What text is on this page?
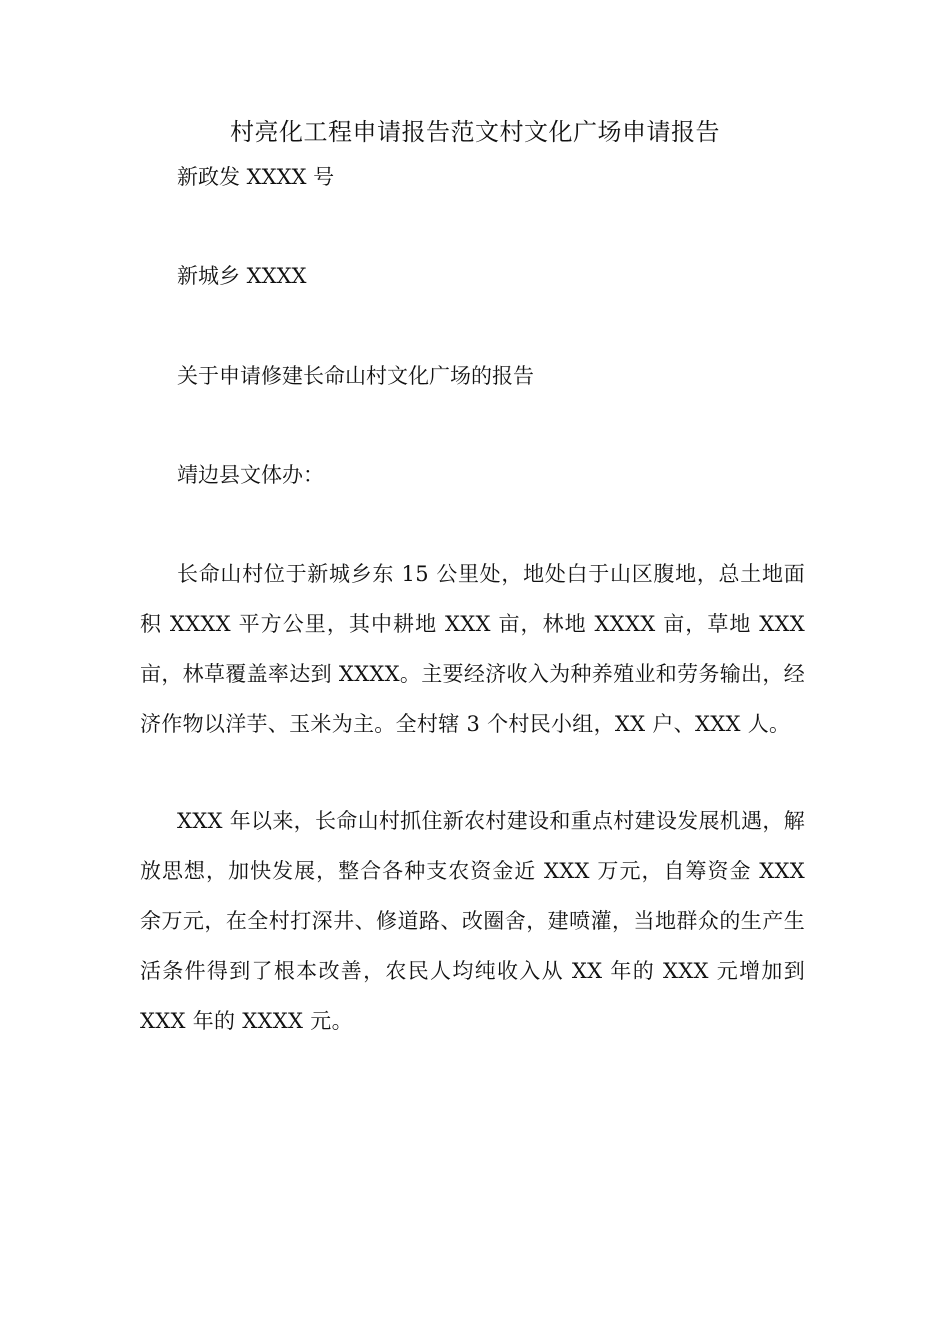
村亮化工程申请报告范文村文化广场申请报告

新政发 XXXX 号

新城乡 XXXX

关于申请修建长命山村文化广场的报告

靖边县文体办：

长命山村位于新城乡东 15 公里处，地处白于山区腹地，总土地面积 XXXX 平方公里，其中耕地 XXX 亩，林地 XXXX 亩，草地 XXX 亩，林草覆盖率达到 XXXX。主要经济收入为种养殖业和劳务输出，经济作物以洋芋、玉米为主。全村辖 3 个村民小组，XX 户、XXX 人。

XXX 年以来，长命山村抓住新农村建设和重点村建设发展机遇，解放思想，加快发展，整合各种支农资金近 XXX 万元，自筹资金 XXX 余万元，在全村打深井、修道路、改圈舍，建喷灌，当地群众的生产生活条件得到了根本改善，农民人均纯收入从 XX 年的 XXX 元增加到 XXX 年的 XXXX 元。
